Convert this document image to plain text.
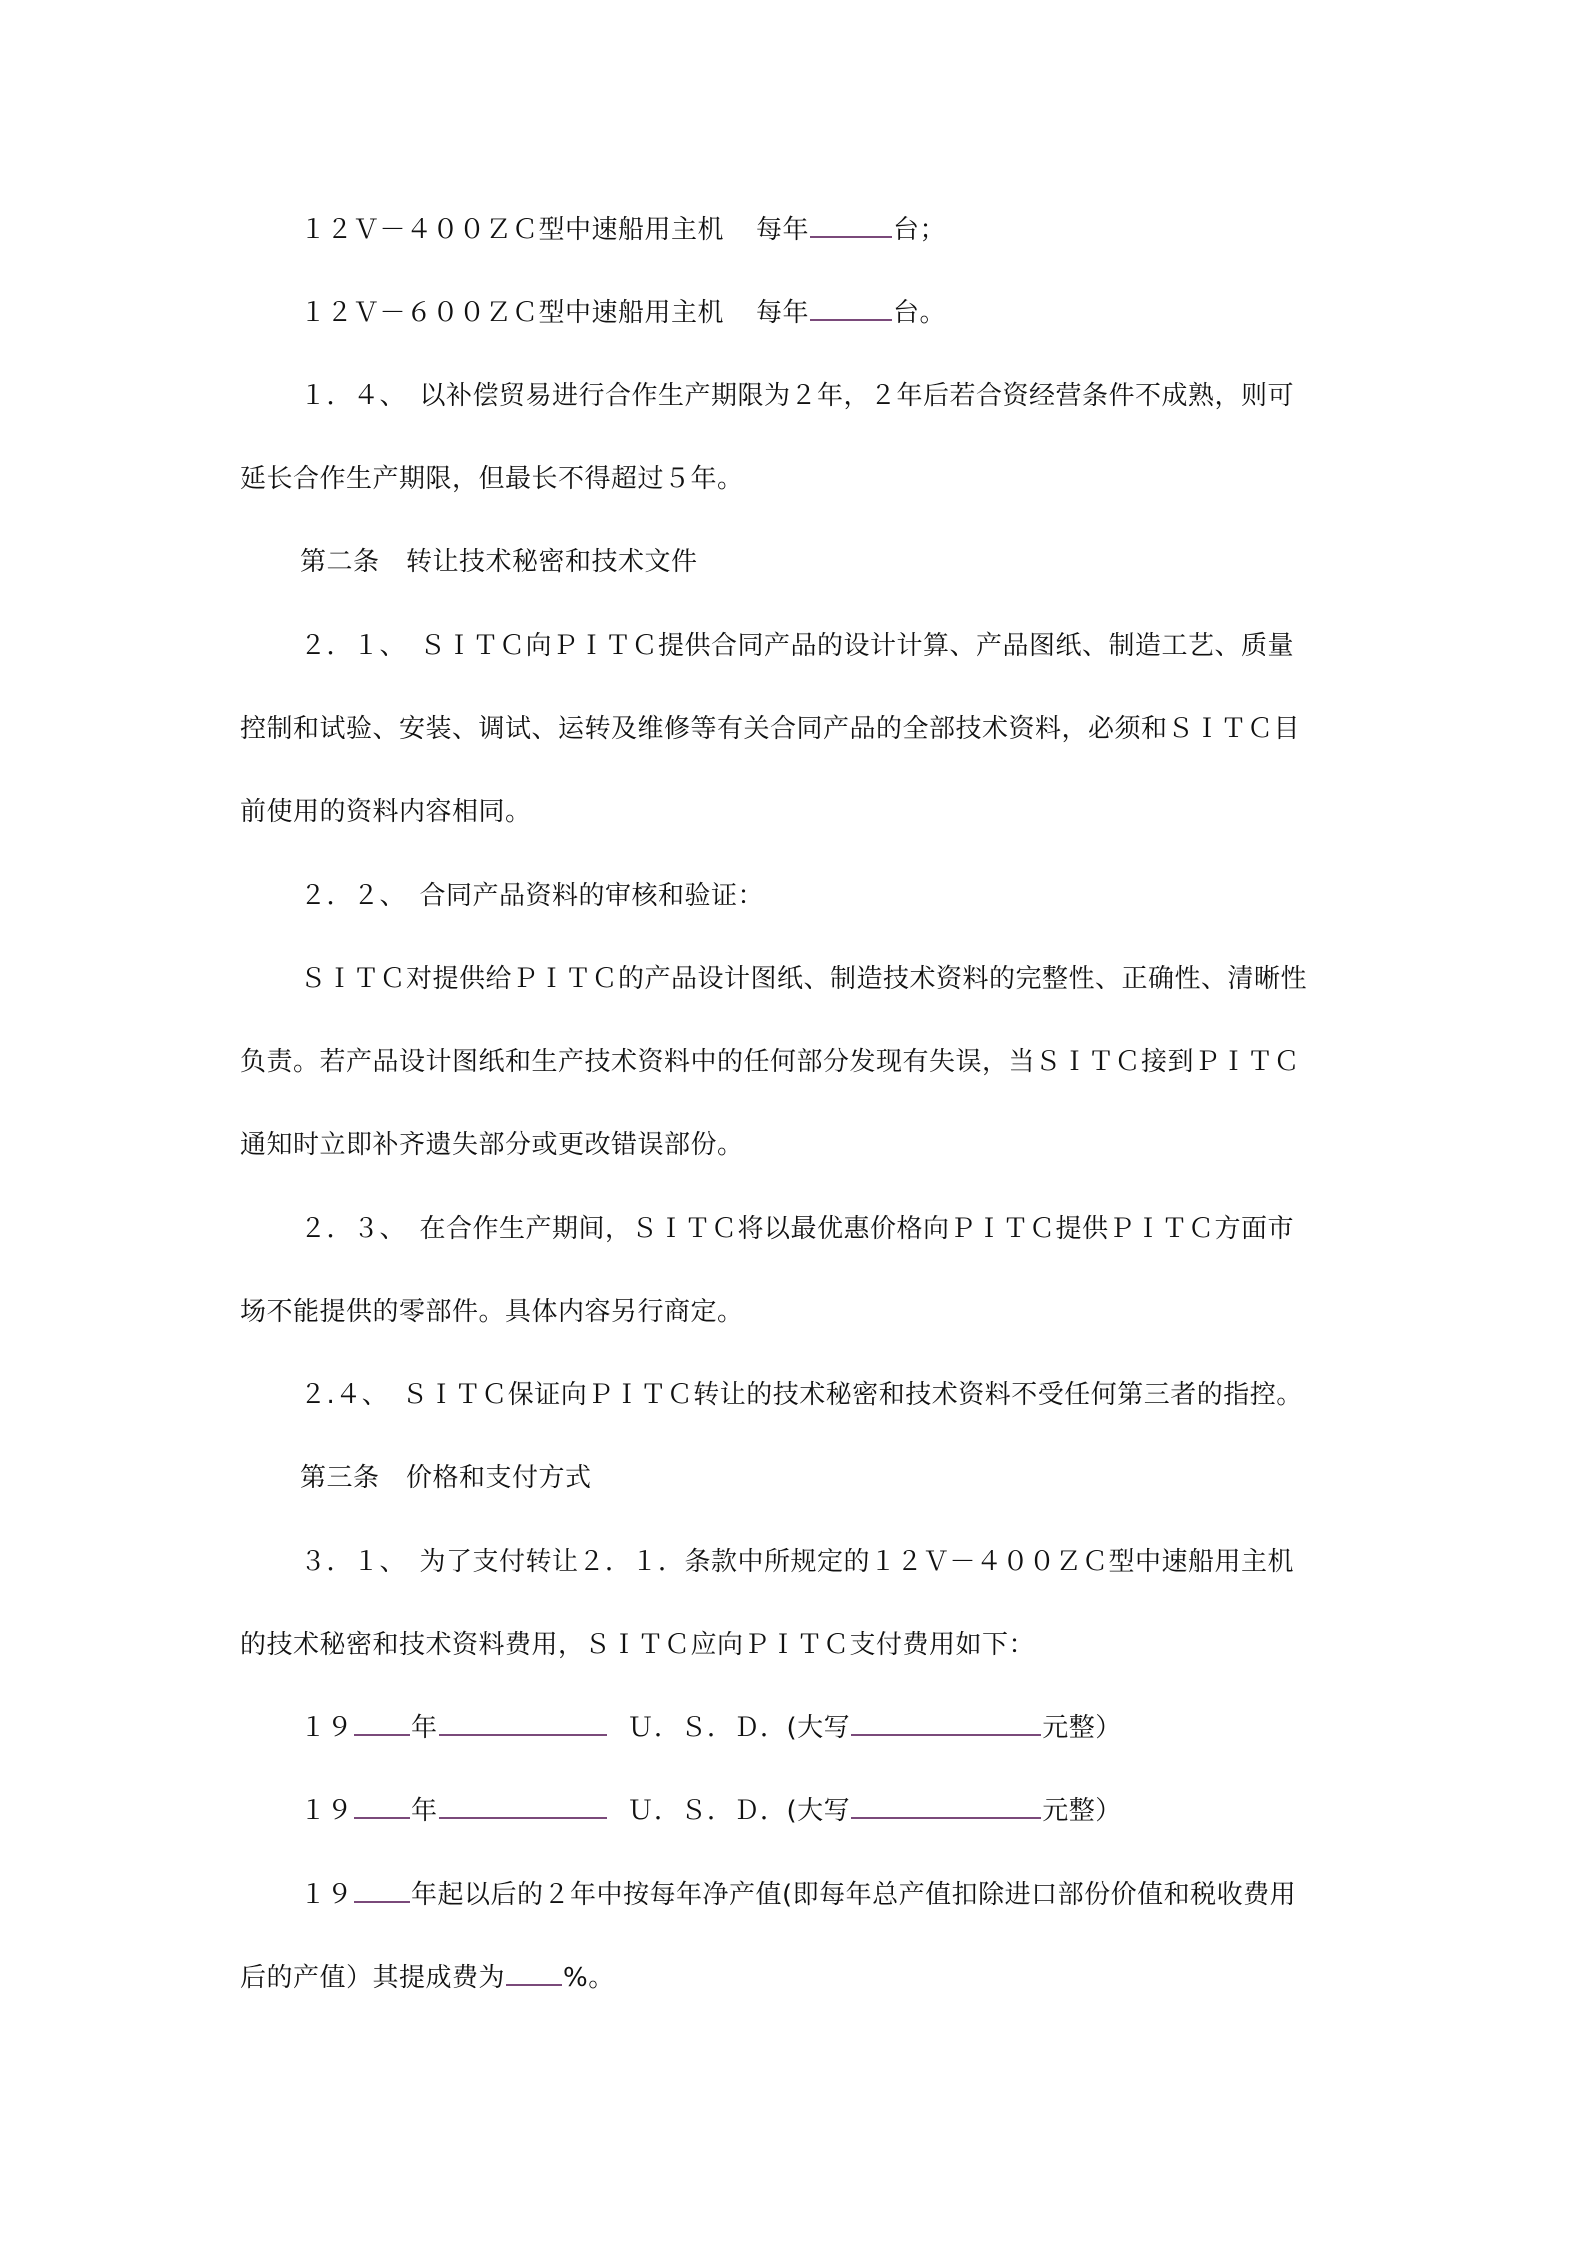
１２Ｖ－４００ＺＣ型中速船用主机 每年	台；
１２Ｖ－６００ＺＣ型中速船用主机 每年	台。
１．４、　以补偿贸易进行合作生产期限为２年，２年后若合资经营条件不成熟，则可
延长合作生产期限，但最长不得超过５年。
第二条　转让技术秘密和技术文件
２．１、　ＳＩＴＣ向ＰＩＴＣ提供合同产品的设计计算、产品图纸、制造工艺、质量
控制和试验、安装、调试、运转及维修等有关合同产品的全部技术资料，必须和ＳＩＴＣ目
前使用的资料内容相同。
２．２、　合同产品资料的审核和验证：
ＳＩＴＣ对提供给ＰＩＴＣ的产品设计图纸、制造技术资料的完整性、正确性、清晰性
负责。若产品设计图纸和生产技术资料中的任何部分发现有失误，当ＳＩＴＣ接到ＰＩＴＣ
通知时立即补齐遗失部分或更改错误部份。
２．３、　在合作生产期间，ＳＩＴＣ将以最优惠价格向ＰＩＴＣ提供ＰＩＴＣ方面市
场不能提供的零部件。具体内容另行商定。
２.４、　ＳＩＴＣ保证向ＰＩＴＣ转让的技术秘密和技术资料不受任何第三者的指控。
第三条　价格和支付方式
３．１、　为了支付转让２．１．条款中所规定的１２Ｖ－４００ＺＣ型中速船用主机
的技术秘密和技术资料费用，ＳＩＴＣ应向ＰＩＴＣ支付费用如下：
１９ 年	Ｕ．Ｓ．Ｄ．(大写	元整）
１９ 年	Ｕ．Ｓ．Ｄ．(大写	元整）
１９ 年起以后的２年中按每年净产值(即每年总产值扣除进口部份价值和税收费用
后的产值）其提成费为 %。
